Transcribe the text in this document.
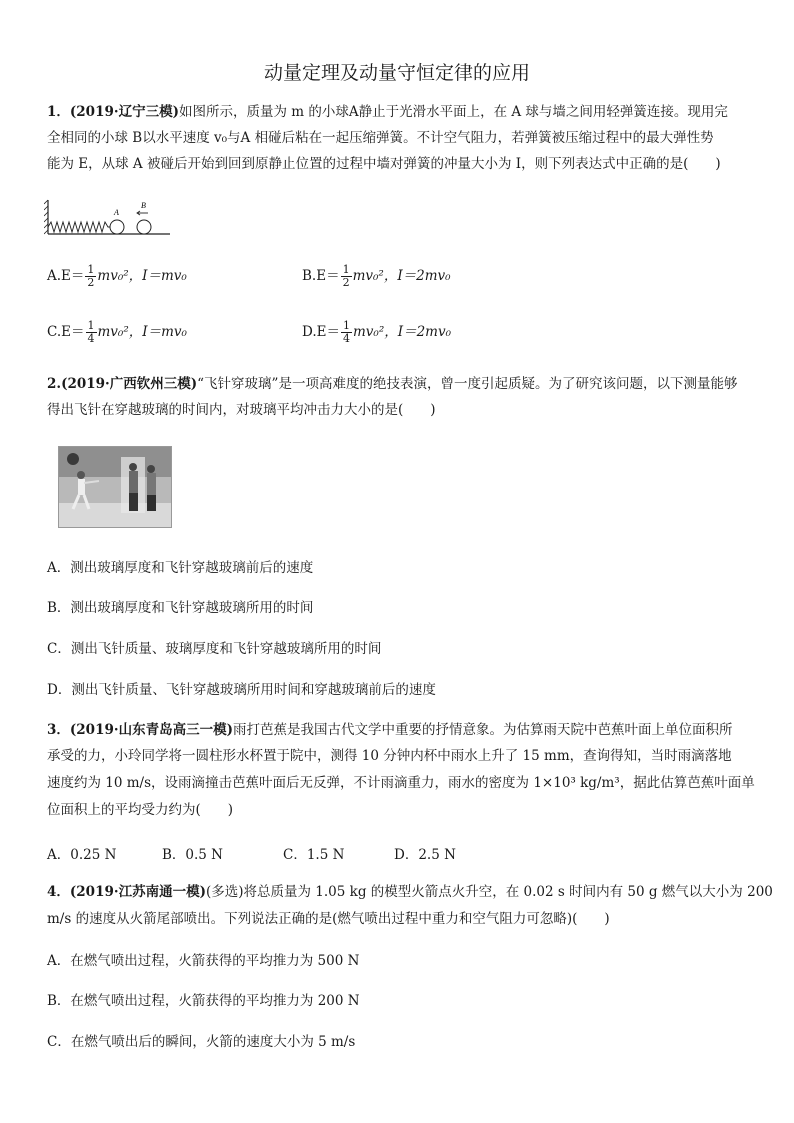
动量定理及动量守恒定律的应用
1．(2019·辽宁三模)如图所示，质量为 m 的小球A静止于光滑水平面上，在 A 球与墙之间用轻弹簧连接。现用完
全相同的小球 B以水平速度 v₀与A 相碰后粘在一起压缩弹簧。不计空气阻力，若弹簧被压缩过程中的最大弹性势
能为 E，从球 A 被碰后开始到回到原静止位置的过程中墙对弹簧的冲量大小为 I，则下列表达式中正确的是(　　)
A
B
$A.E= \frac{1}{2} mv_0^2$，I＝mv₀	$B.E= \frac{1}{2} mv_0^2$，I＝2mv₀
$C.E= \frac{1}{4} mv_0^2$，I＝mv₀	$D.E= \frac{1}{4} mv_0^2$，I＝2mv₀
2.(2019·广西钦州三模)“飞针穿玻璃”是一项高难度的绝技表演，曾一度引起质疑。为了研究该问题，以下测量能够
得出飞针在穿越玻璃的时间内，对玻璃平均冲击力大小的是(　　)
A．测出玻璃厚度和飞针穿越玻璃前后的速度
B．测出玻璃厚度和飞针穿越玻璃所用的时间
C．测出飞针质量、玻璃厚度和飞针穿越玻璃所用的时间
D．测出飞针质量、飞针穿越玻璃所用时间和穿越玻璃前后的速度
3．(2019·山东青岛高三一模)雨打芭蕉是我国古代文学中重要的抒情意象。为估算雨天院中芭蕉叶面上单位面积所
承受的力，小玲同学将一圆柱形水杯置于院中，测得 10 分钟内杯中雨水上升了 15 mm，查询得知，当时雨滴落地
速度约为 10 m/s，设雨滴撞击芭蕉叶面后无反弹，不计雨滴重力，雨水的密度为 1×10³ kg/m³，据此估算芭蕉叶面单
位面积上的平均受力约为(　　)
A．0.25 N	B．0.5 N	C．1.5 N	D．2.5 N
4．(2019·江苏南通一模)(多选)将总质量为 1.05 kg 的模型火箭点火升空，在 0.02 s 时间内有 50 g 燃气以大小为 200
m/s 的速度从火箭尾部喷出。下列说法正确的是(燃气喷出过程中重力和空气阻力可忽略)(　　)
A．在燃气喷出过程，火箭获得的平均推力为 500 N
B．在燃气喷出过程，火箭获得的平均推力为 200 N
C．在燃气喷出后的瞬间，火箭的速度大小为 5 m/s
